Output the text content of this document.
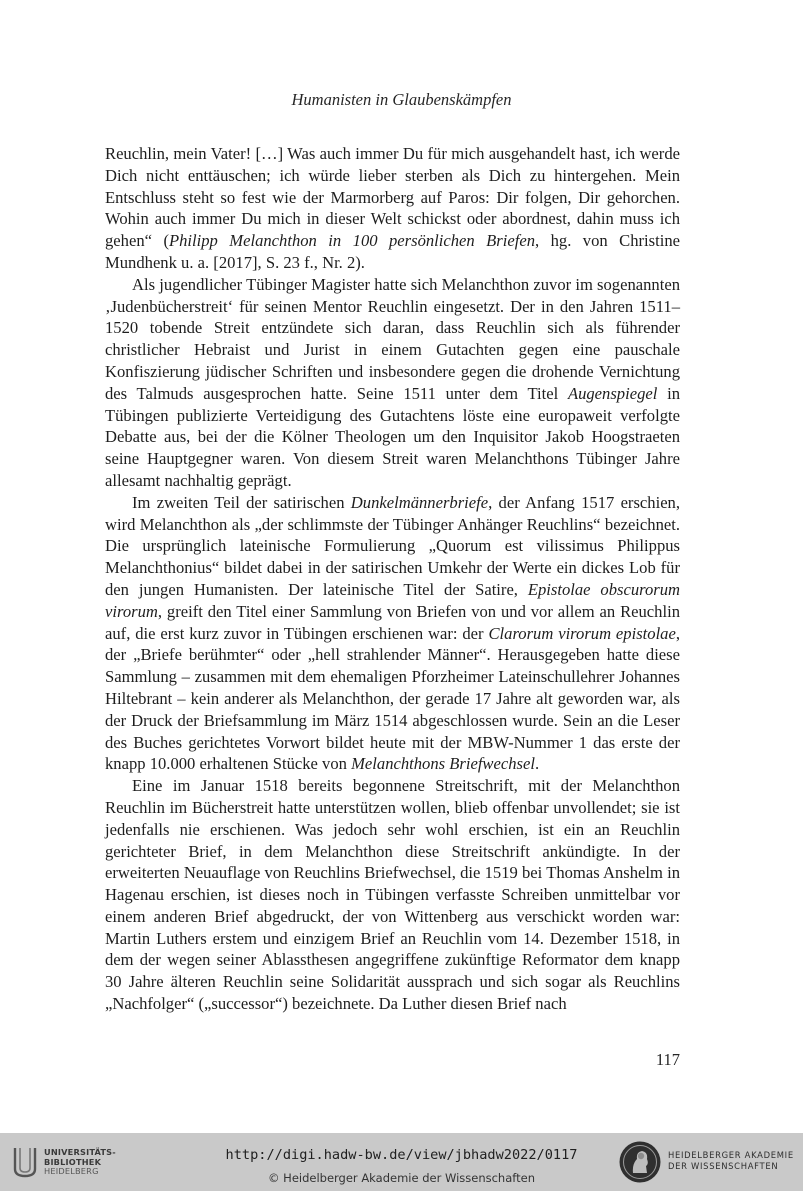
Humanisten in Glaubenskämpfen

Reuchlin, mein Vater! […] Was auch immer Du für mich ausgehandelt hast, ich werde Dich nicht enttäuschen; ich würde lieber sterben als Dich zu hintergehen. Mein Entschluss steht so fest wie der Marmorberg auf Paros: Dir folgen, Dir gehorchen. Wohin auch immer Du mich in dieser Welt schickst oder abordnest, dahin muss ich gehen“ (Philipp Melanchthon in 100 persönlichen Briefen, hg. von Christine Mundhenk u. a. [2017], S. 23 f., Nr. 2).

Als jugendlicher Tübinger Magister hatte sich Melanchthon zuvor im sogenannten ‚Judenbücherstreit‘ für seinen Mentor Reuchlin eingesetzt. Der in den Jahren 1511–1520 tobende Streit entzündete sich daran, dass Reuchlin sich als führender christlicher Hebraist und Jurist in einem Gutachten gegen eine pauschale Konfiszierung jüdischer Schriften und insbesondere gegen die drohende Vernichtung des Talmuds ausgesprochen hatte. Seine 1511 unter dem Titel Augenspiegel in Tübingen publizierte Verteidigung des Gutachtens löste eine europaweit verfolgte Debatte aus, bei der die Kölner Theologen um den Inquisitor Jakob Hoogstraeten seine Hauptgegner waren. Von diesem Streit waren Melanchthons Tübinger Jahre allesamt nachhaltig geprägt.

Im zweiten Teil der satirischen Dunkelmännerbriefe, der Anfang 1517 erschien, wird Melanchthon als „der schlimmste der Tübinger Anhänger Reuchlins“ bezeichnet. Die ursprünglich lateinische Formulierung „Quorum est vilissimus Philippus Melanchthonius“ bildet dabei in der satirischen Umkehr der Werte ein dickes Lob für den jungen Humanisten. Der lateinische Titel der Satire, Epistolae obscurorum virorum, greift den Titel einer Sammlung von Briefen von und vor allem an Reuchlin auf, die erst kurz zuvor in Tübingen erschienen war: der Clarorum virorum epistolae, der „Briefe berühmter“ oder „hell strahlender Männer“. Herausgegeben hatte diese Sammlung – zusammen mit dem ehemaligen Pforzheimer Lateinschullehrer Johannes Hiltebrant – kein anderer als Melanchthon, der gerade 17 Jahre alt geworden war, als der Druck der Briefsammlung im März 1514 abgeschlossen wurde. Sein an die Leser des Buches gerichtetes Vorwort bildet heute mit der MBW-Nummer 1 das erste der knapp 10.000 erhaltenen Stücke von Melanchthons Briefwechsel.

Eine im Januar 1518 bereits begonnene Streitschrift, mit der Melanchthon Reuchlin im Bücherstreit hatte unterstützen wollen, blieb offenbar unvollendet; sie ist jedenfalls nie erschienen. Was jedoch sehr wohl erschien, ist ein an Reuchlin gerichteter Brief, in dem Melanchthon diese Streitschrift ankündigte. In der erweiterten Neuauflage von Reuchlins Briefwechsel, die 1519 bei Thomas Anshelm in Hagenau erschien, ist dieses noch in Tübingen verfasste Schreiben unmittelbar vor einem anderen Brief abgedruckt, der von Wittenberg aus verschickt worden war: Martin Luthers erstem und einzigem Brief an Reuchlin vom 14. Dezember 1518, in dem der wegen seiner Ablassthesen angegriffene zukünftige Reformator dem knapp 30 Jahre älteren Reuchlin seine Solidarität aussprach und sich sogar als Reuchlins „Nachfolger“ („successor“) bezeichnete. Da Luther diesen Brief nach

117
UNIVERSITÄTS-
BIBLIOTHEK
HEIDELBERG
http://digi.hadw-bw.de/view/jbhadw2022/0117
© Heidelberger Akademie der Wissenschaften
HEIDELBERGER AKADEMIE
DER WISSENSCHAFTEN
